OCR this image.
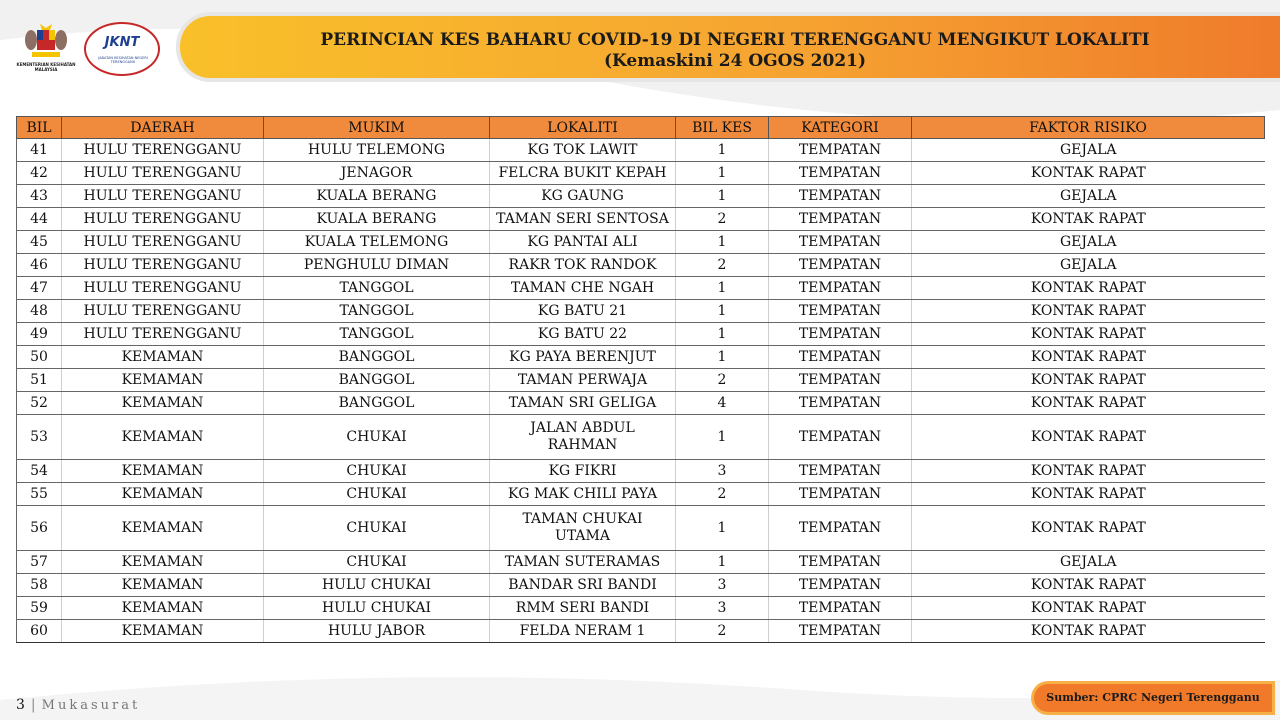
KEMENTERIAN KESIHATAN MALAYSIA
JKNT
JABATAN KESIHATAN NEGERI TERENGGANU
PERINCIAN KES BAHARU COVID-19 DI NEGERI TERENGGANU MENGIKUT LOKALITI
(Kemaskini 24 OGOS 2021)
BIL	DAERAH	MUKIM	LOKALITI	BIL KES	KATEGORI	FAKTOR RISIKO
41	HULU TERENGGANU	HULU TELEMONG	KG TOK LAWIT	1	TEMPATAN	GEJALA
42	HULU TERENGGANU	JENAGOR	FELCRA BUKIT KEPAH	1	TEMPATAN	KONTAK RAPAT
43	HULU TERENGGANU	KUALA BERANG	KG GAUNG	1	TEMPATAN	GEJALA
44	HULU TERENGGANU	KUALA BERANG	TAMAN SERI SENTOSA	2	TEMPATAN	KONTAK RAPAT
45	HULU TERENGGANU	KUALA TELEMONG	KG PANTAI ALI	1	TEMPATAN	GEJALA
46	HULU TERENGGANU	PENGHULU DIMAN	RAKR TOK RANDOK	2	TEMPATAN	GEJALA
47	HULU TERENGGANU	TANGGOL	TAMAN CHE NGAH	1	TEMPATAN	KONTAK RAPAT
48	HULU TERENGGANU	TANGGOL	KG BATU 21	1	TEMPATAN	KONTAK RAPAT
49	HULU TERENGGANU	TANGGOL	KG BATU 22	1	TEMPATAN	KONTAK RAPAT
50	KEMAMAN	BANGGOL	KG PAYA BERENJUT	1	TEMPATAN	KONTAK RAPAT
51	KEMAMAN	BANGGOL	TAMAN PERWAJA	2	TEMPATAN	KONTAK RAPAT
52	KEMAMAN	BANGGOL	TAMAN SRI GELIGA	4	TEMPATAN	KONTAK RAPAT
53	KEMAMAN	CHUKAI	JALAN ABDUL RAHMAN	1	TEMPATAN	KONTAK RAPAT
54	KEMAMAN	CHUKAI	KG FIKRI	3	TEMPATAN	KONTAK RAPAT
55	KEMAMAN	CHUKAI	KG MAK CHILI PAYA	2	TEMPATAN	KONTAK RAPAT
56	KEMAMAN	CHUKAI	TAMAN CHUKAI UTAMA	1	TEMPATAN	KONTAK RAPAT
57	KEMAMAN	CHUKAI	TAMAN SUTERAMAS	1	TEMPATAN	GEJALA
58	KEMAMAN	HULU CHUKAI	BANDAR SRI BANDI	3	TEMPATAN	KONTAK RAPAT
59	KEMAMAN	HULU CHUKAI	RMM SERI BANDI	3	TEMPATAN	KONTAK RAPAT
60	KEMAMAN	HULU JABOR	FELDA NERAM 1	2	TEMPATAN	KONTAK RAPAT
3 | Mukasurat
Sumber: CPRC Negeri Terengganu
